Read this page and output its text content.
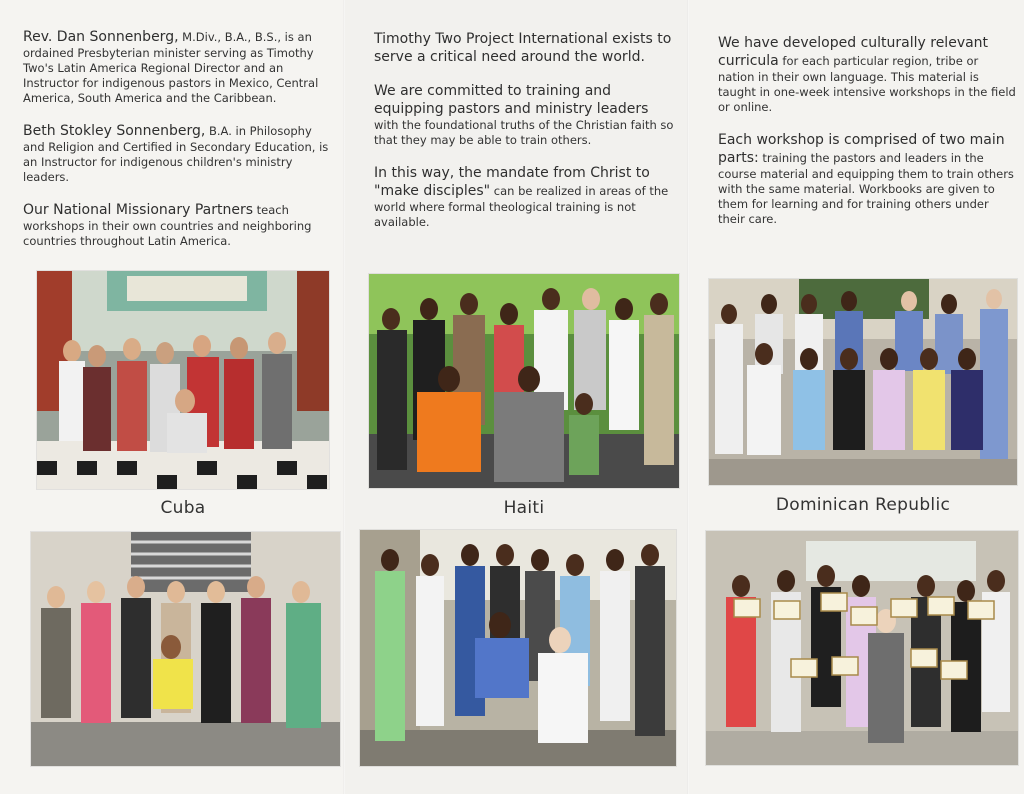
Rev. Dan Sonnenberg, M.Div., B.A., B.S., is an ordained Presbyterian minister serving as Timothy Two's Latin America Regional Director and an Instructor for indigenous pastors in Mexico, Central America, South America and the Caribbean.

Beth Stokley Sonnenberg, B.A. in Philosophy and Religion and Certified in Secondary Education, is an Instructor for indigenous children's ministry leaders.

Our National Missionary Partners teach workshops in their own countries and neighboring countries throughout Latin America.

Timothy Two Project International exists to serve a critical need around the world.

We are committed to training and equipping pastors and ministry leaders with the foundational truths of the Christian faith so that they may be able to train others.

In this way, the mandate from Christ to "make disciples" can be realized in areas of the world where formal theological training is not available.

We have developed culturally relevant curricula for each particular region, tribe or nation in their own language. This material is taught in one-week intensive workshops in the field or online.

Each workshop is comprised of two main parts: training the pastors and leaders in the course material and equipping them to train others with the same material. Workbooks are given to them for learning and for training others under their care.

Cuba	Haiti	Dominican Republic
